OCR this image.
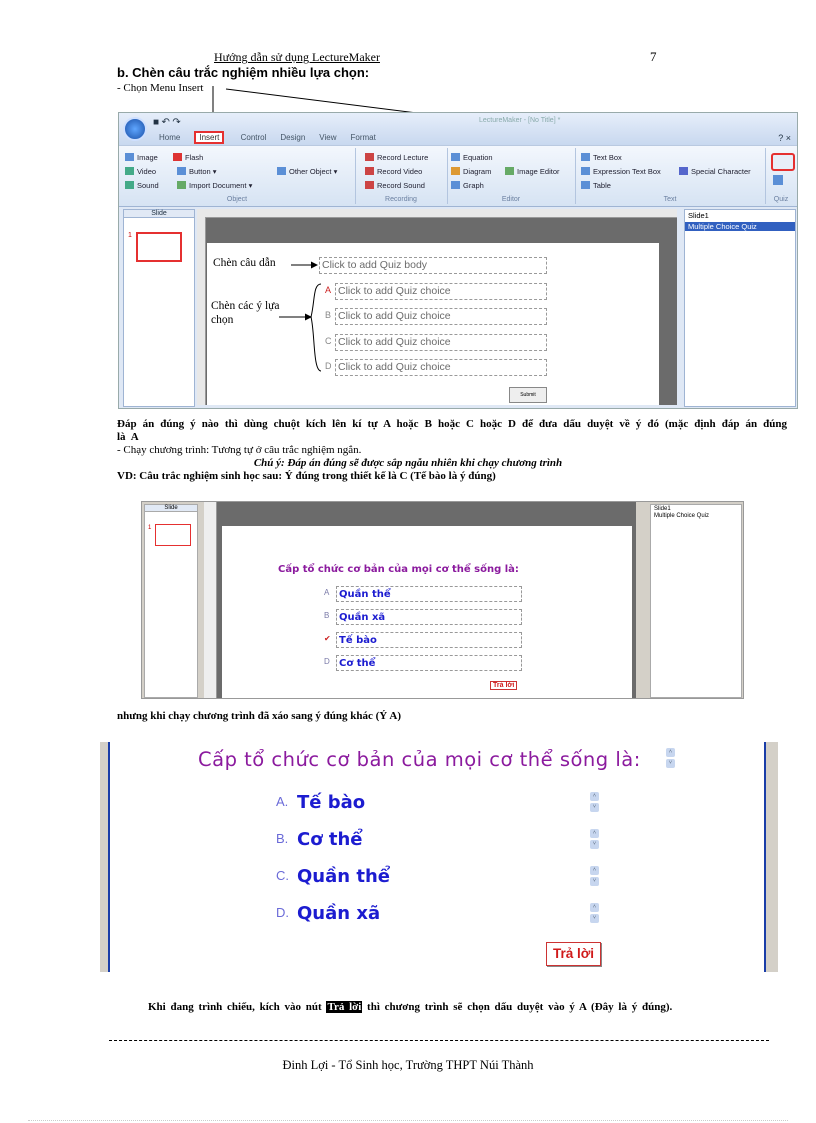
Hướng dẫn sử dụng LectureMaker	7
b. Chèn câu trắc nghiệm nhiều lựa chọn:
- Chọn Menu Insert
■ ↶ ↷	LectureMaker - [No Title] *
Home Insert	Control Design View Format	? ×
Image	Flash
Video	Button ▾
Sound	Import Document ▾
Other Object ▾
Object
Record Lecture
Record Video
Record Sound
Recording
Equation
Diagram	Image Editor
Graph
Editor
Text Box
Expression Text Box	Special Character
Table
Text	Quiz
Slide
1
Chèn câu dẫn
Chèn các ý lựa chọn
Click to add Quiz body
A Click to add Quiz choice
B Click to add Quiz choice
C Click to add Quiz choice
D Click to add Quiz choice
Submit
Slide1
Multiple Choice Quiz
Đáp án đúng ý nào thì dùng chuột kích lên kí tự A hoặc B hoặc C hoặc D để đưa dấu duyệt về ý đó (mặc định đáp án đúng là A
- Chạy chương trình: Tương tự ở câu trắc nghiệm ngắn.
Chú ý: Đáp án đúng sẽ được sắp ngẫu nhiên khi chạy chương trình
VD: Câu trắc nghiệm sinh học sau: Ý đúng trong thiết kế là C (Tế bào là ý đúng)
Slide
1
Cấp tổ chức cơ bản của mọi cơ thể sống là:
A Quần thể
B Quần xã
✔ Tế bào
D Cơ thể
Trả lời
Slide1
Multiple Choice Quiz
nhưng khi chạy chương trình đã xáo sang ý đúng khác (Ý A)
Cấp tổ chức cơ bản của mọi cơ thể sống là:	˄
˅
A. Tế bào	˄
˅
B. Cơ thể	˄
˅
C. Quần thể	˄
˅
D. Quần xã	˄
˅
Trả lời
Khi đang trình chiếu, kích vào nút Trả lời thì chương trình sẽ chọn dấu duyệt vào ý A (Đây là ý đúng).
Đinh Lợi - Tổ Sinh học, Trường THPT Núi Thành
